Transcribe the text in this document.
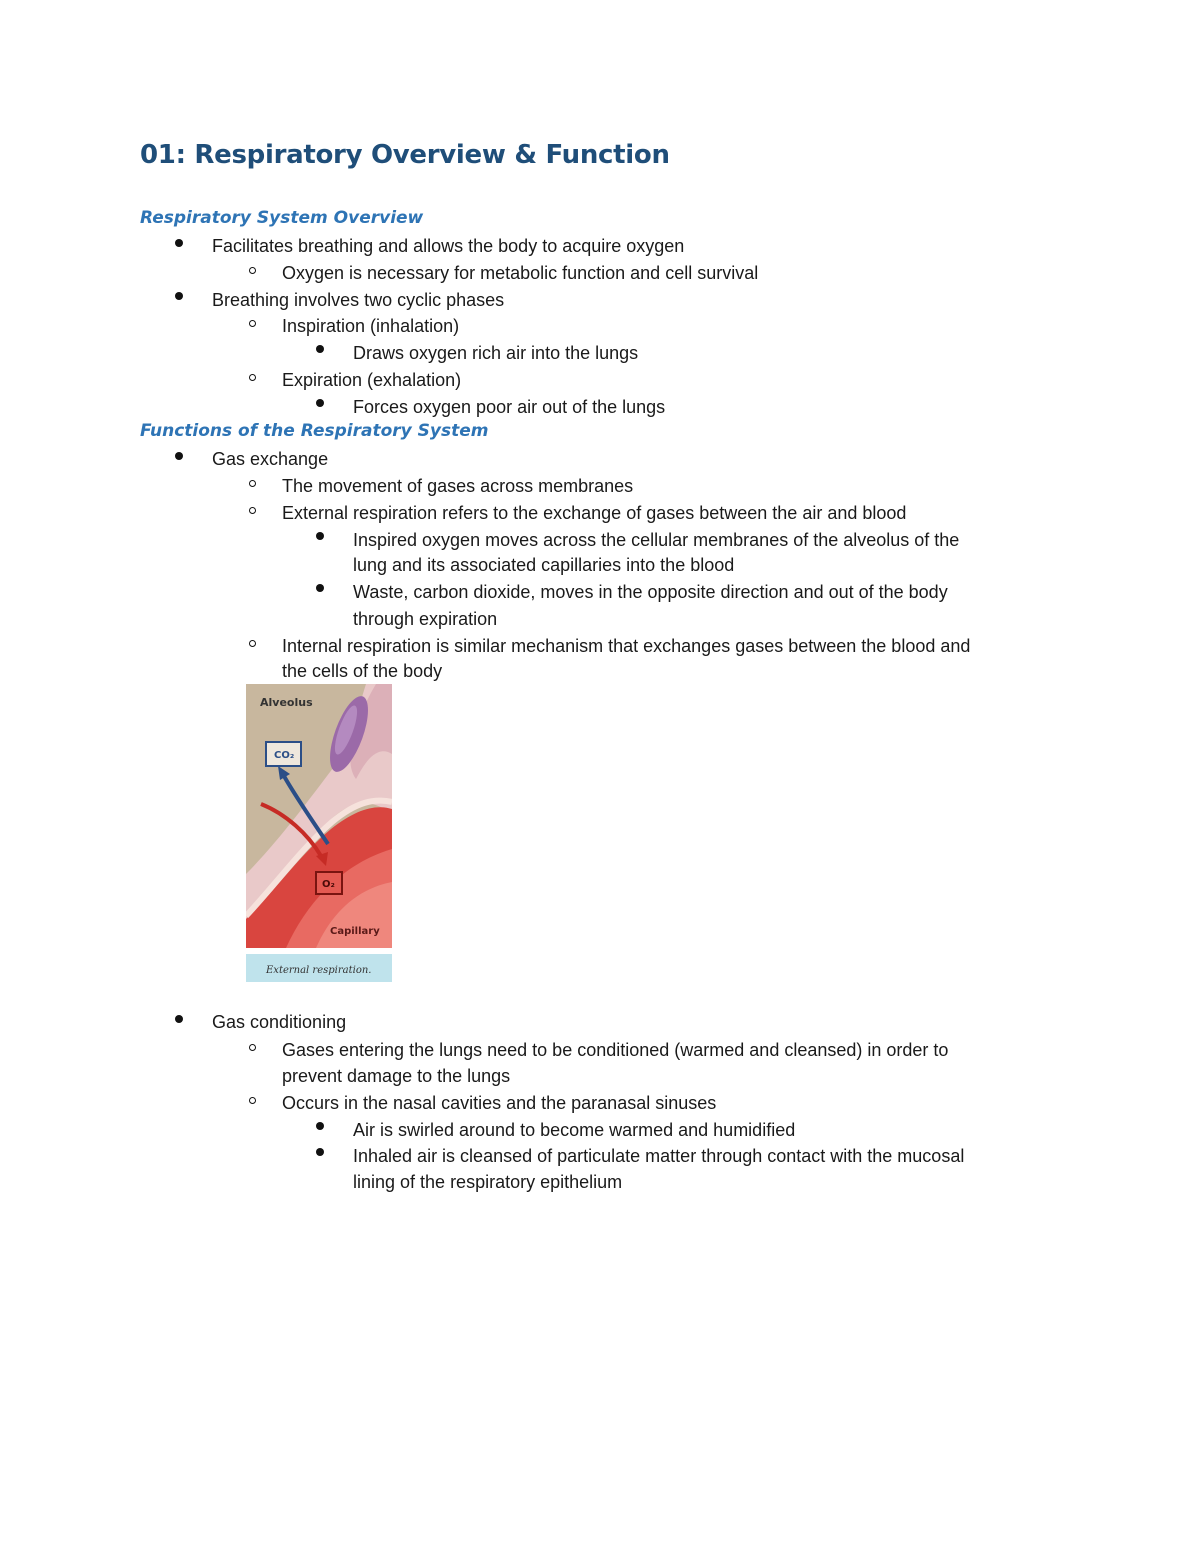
01: Respiratory Overview & Function
Respiratory System Overview
Facilitates breathing and allows the body to acquire oxygen
Oxygen is necessary for metabolic function and cell survival
Breathing involves two cyclic phases
Inspiration (inhalation)
Draws oxygen rich air into the lungs
Expiration (exhalation)
Forces oxygen poor air out of the lungs
Functions of the Respiratory System
Gas exchange
The movement of gases across membranes
External respiration refers to the exchange of gases between the air and blood
Inspired oxygen moves across the cellular membranes of the alveolus of the
lung and its associated capillaries into the blood
Waste, carbon dioxide, moves in the opposite direction and out of the body
through expiration
Internal respiration is similar mechanism that exchanges gases between the blood and
the cells of the body
Alveolus
CO₂
O₂
Capillary
External respiration.
Gas conditioning
Gases entering the lungs need to be conditioned (warmed and cleansed) in order to
prevent damage to the lungs
Occurs in the nasal cavities and the paranasal sinuses
Air is swirled around to become warmed and humidified
Inhaled air is cleansed of particulate matter through contact with the mucosal
lining of the respiratory epithelium
